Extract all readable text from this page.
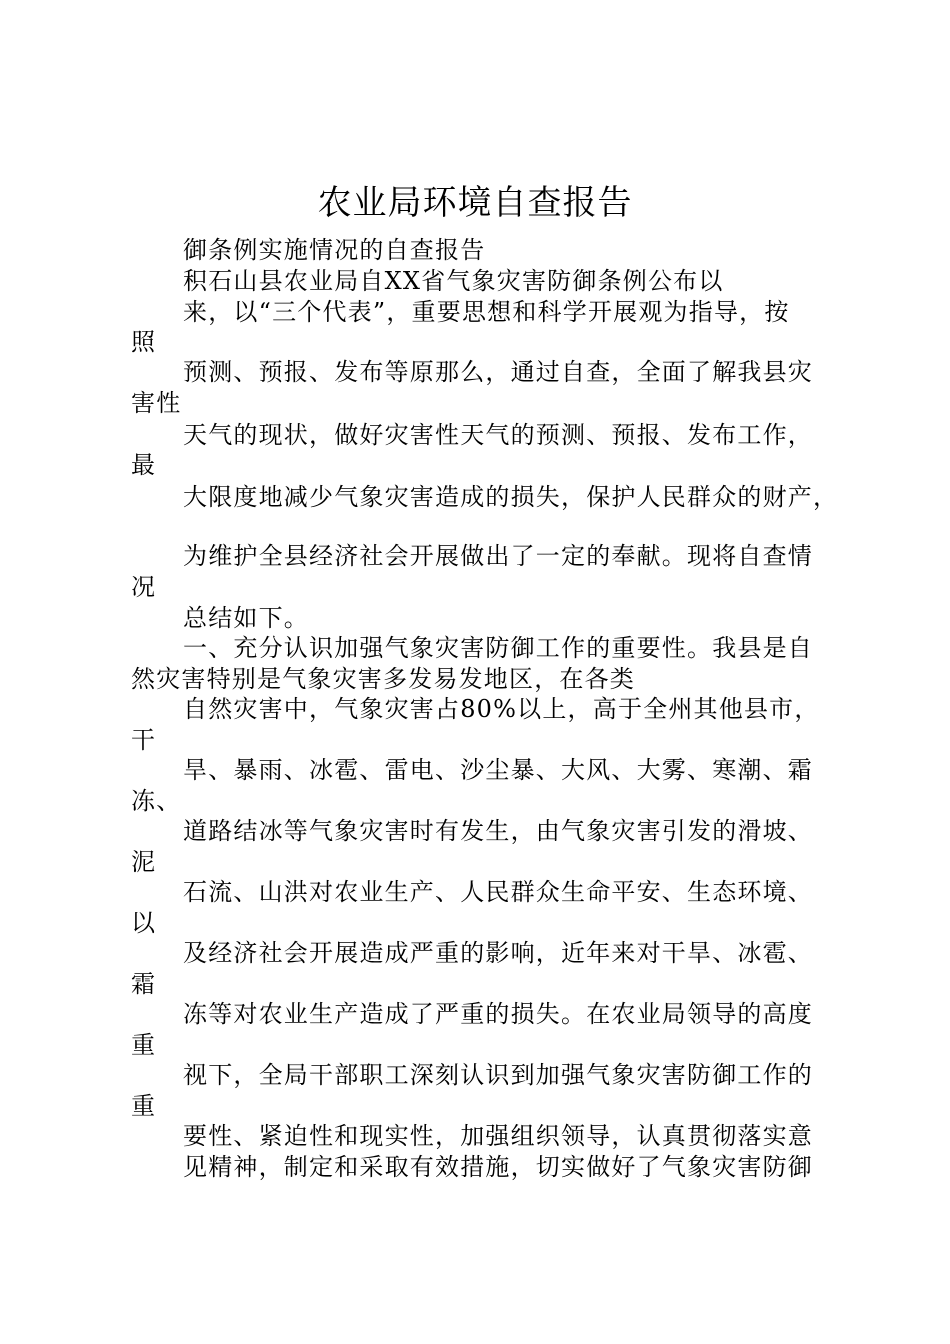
农业局环境自查报告
御条例实施情况的自查报告
积石山县农业局自XX省气象灾害防御条例公布以
来，以“三个代表”，重要思想和科学开展观为指导，按
照
预测、预报、发布等原那么，通过自查，全面了解我县灾
害性
天气的现状，做好灾害性天气的预测、预报、发布工作，
最
大限度地减少气象灾害造成的损失，保护人民群众的财产，
为维护全县经济社会开展做出了一定的奉献。现将自查情
况
总结如下。
一、充分认识加强气象灾害防御工作的重要性。我县是自
然灾害特别是气象灾害多发易发地区，在各类
自然灾害中，气象灾害占80%以上，高于全州其他县市，
干
旱、暴雨、冰雹、雷电、沙尘暴、大风、大雾、寒潮、霜
冻、
道路结冰等气象灾害时有发生，由气象灾害引发的滑坡、
泥
石流、山洪对农业生产、人民群众生命平安、生态环境、
以
及经济社会开展造成严重的影响，近年来对干旱、冰雹、
霜
冻等对农业生产造成了严重的损失。在农业局领导的高度
重
视下，全局干部职工深刻认识到加强气象灾害防御工作的
重
要性、紧迫性和现实性，加强组织领导，认真贯彻落实意
见精神，制定和采取有效措施，切实做好了气象灾害防御
